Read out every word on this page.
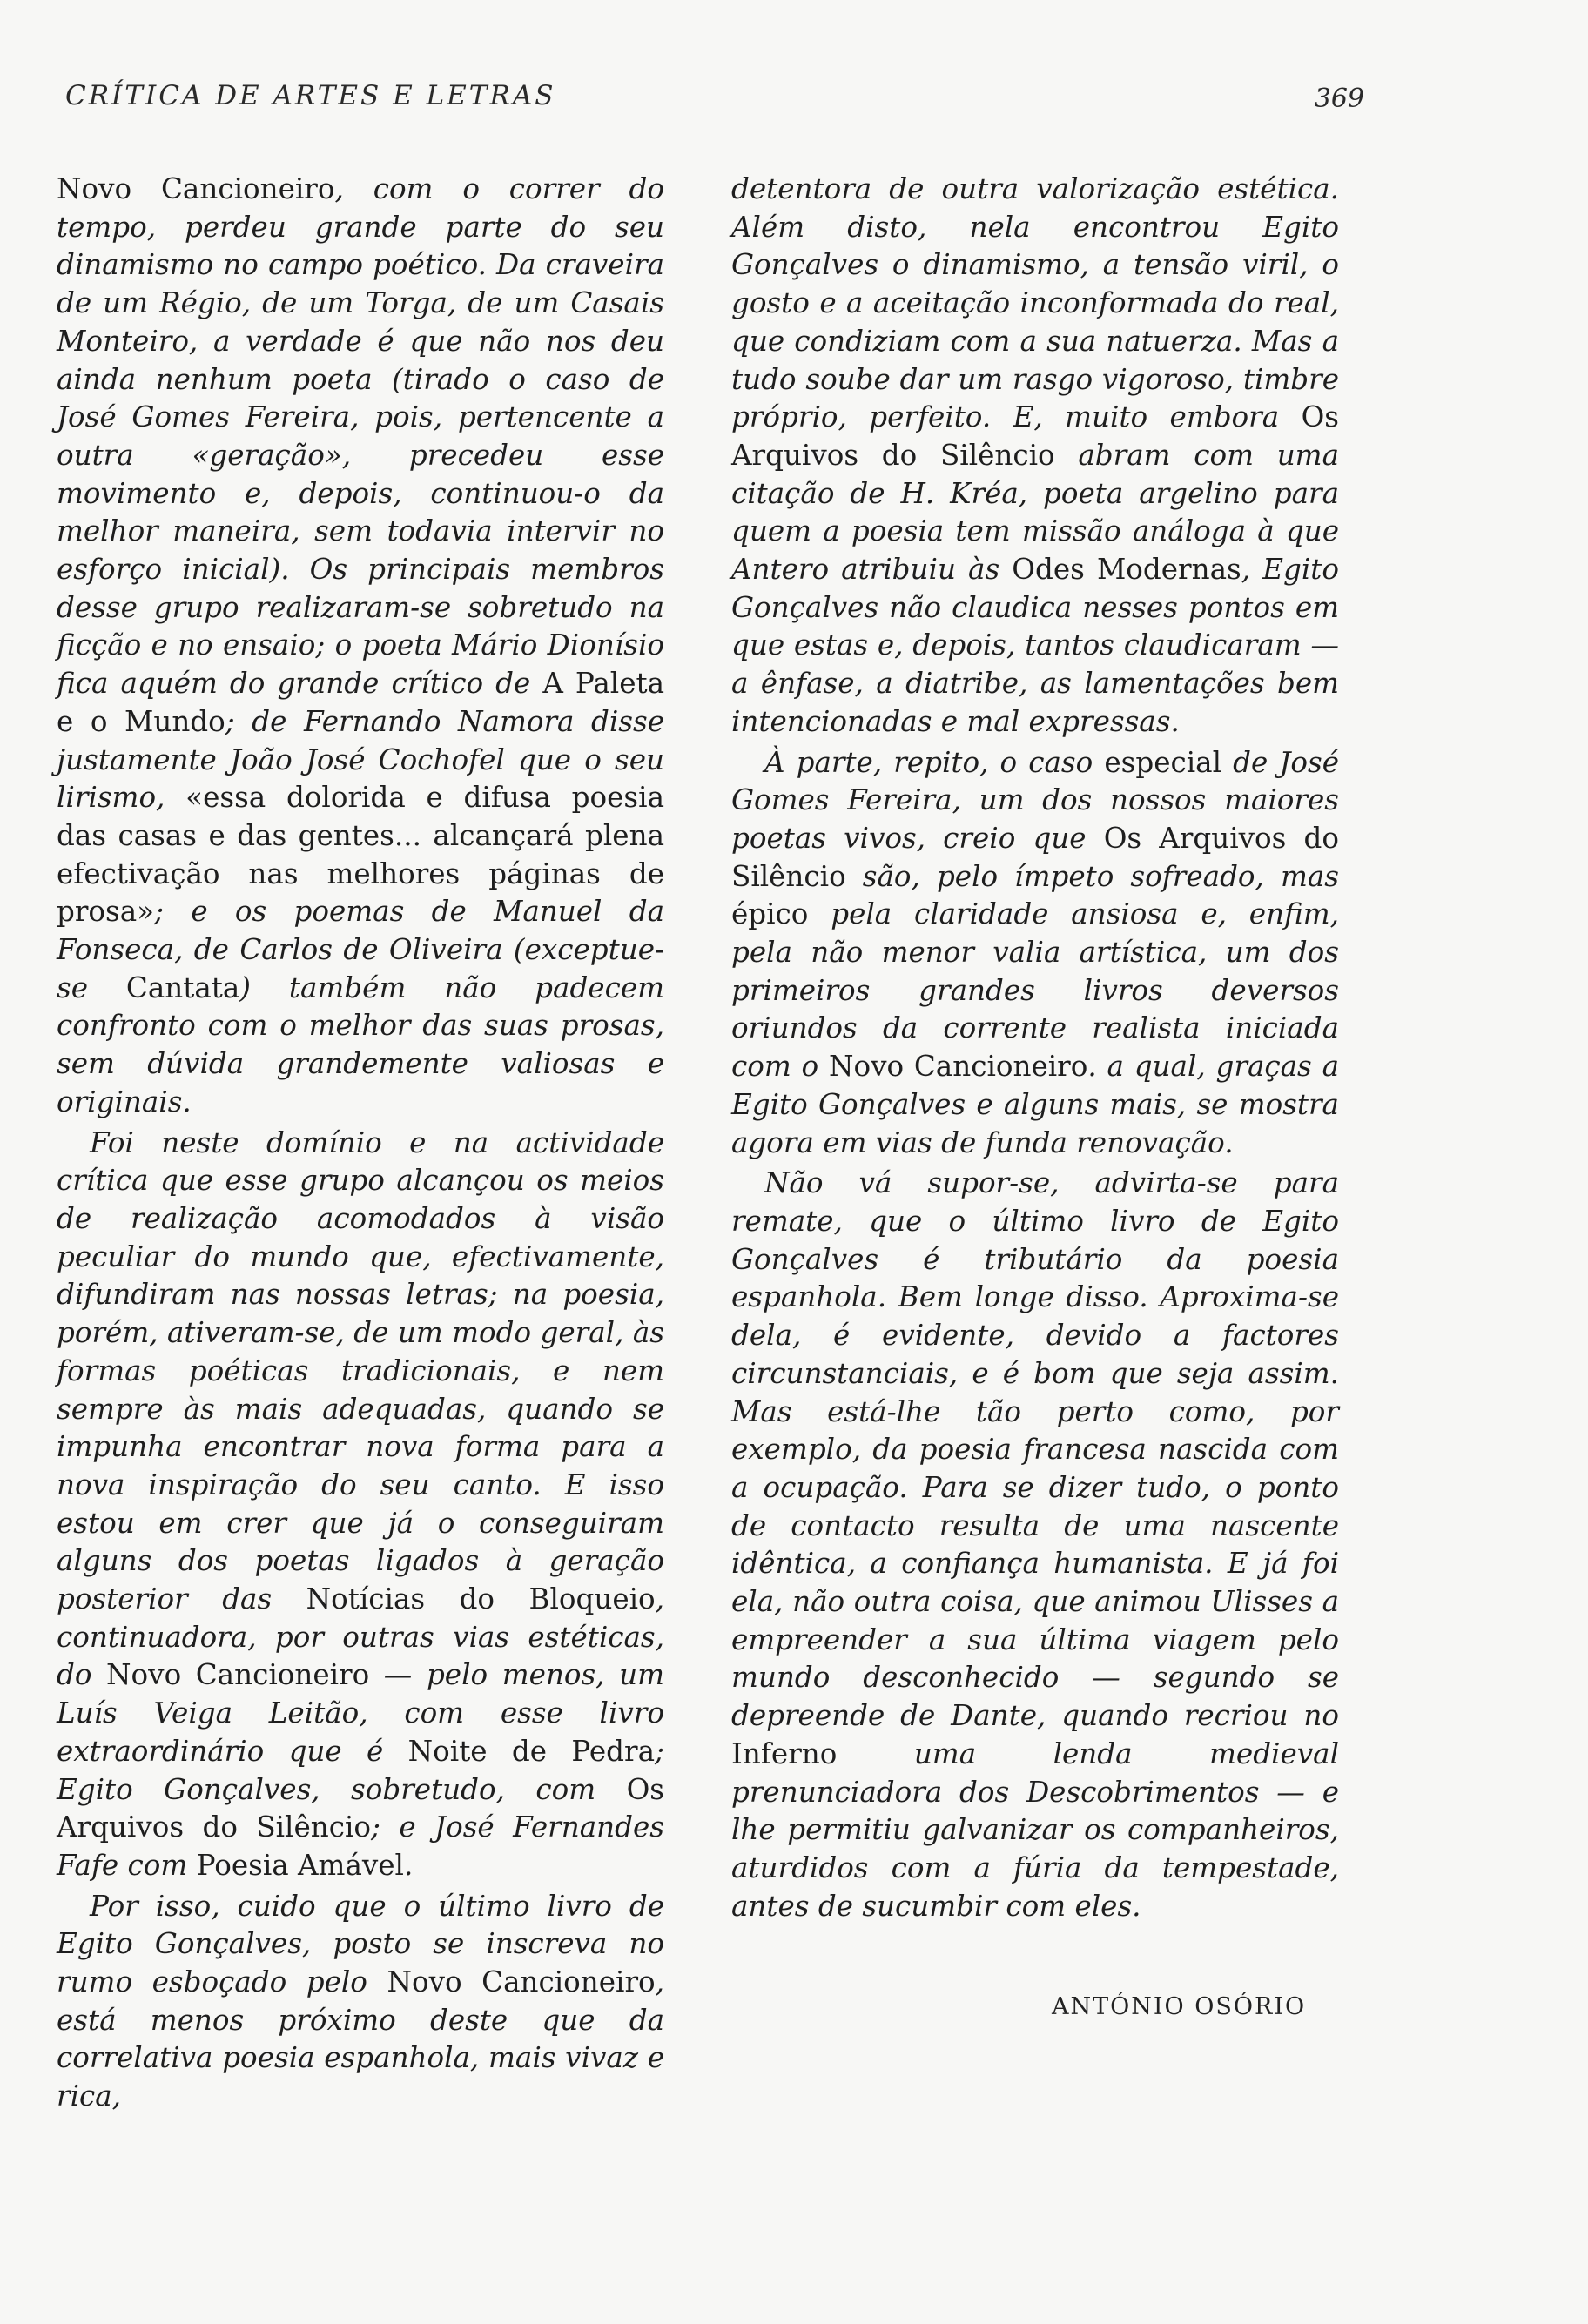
CRÍTICA DE ARTES E LETRAS	369

Novo Cancioneiro, com o correr do tempo, perdeu grande parte do seu dinamismo no campo poético. Da craveira de um Régio, de um Torga, de um Casais Monteiro, a verdade é que não nos deu ainda nenhum poeta (tirado o caso de José Gomes Fereira, pois, pertencente a outra «geração», precedeu esse movimento e, depois, continuou-o da melhor maneira, sem todavia intervir no esforço inicial). Os principais membros desse grupo realizaram-se sobretudo na ficção e no ensaio; o poeta Mário Dionísio fica aquém do grande crítico de A Paleta e o Mundo; de Fernando Namora disse justamente João José Cochofel que o seu lirismo, «essa dolorida e difusa poesia das casas e das gentes... alcançará plena efectivação nas melhores páginas de prosa»; e os poemas de Manuel da Fonseca, de Carlos de Oliveira (exceptue-se Cantata) também não padecem confronto com o melhor das suas prosas, sem dúvida grandemente valiosas e originais.

Foi neste domínio e na actividade crítica que esse grupo alcançou os meios de realização acomodados à visão peculiar do mundo que, efectivamente, difundiram nas nossas letras; na poesia, porém, ativeram-se, de um modo geral, às formas poéticas tradicionais, e nem sempre às mais adequadas, quando se impunha encontrar nova forma para a nova inspiração do seu canto. E isso estou em crer que já o conseguiram alguns dos poetas ligados à geração posterior das Notícias do Bloqueio, continuadora, por outras vias estéticas, do Novo Cancioneiro — pelo menos, um Luís Veiga Leitão, com esse livro extraordinário que é Noite de Pedra; Egito Gonçalves, sobretudo, com Os Arquivos do Silêncio; e José Fernandes Fafe com Poesia Amável.

Por isso, cuido que o último livro de Egito Gonçalves, posto se inscreva no rumo esboçado pelo Novo Cancioneiro, está menos próximo deste que da correlativa poesia espanhola, mais vivaz e rica,

detentora de outra valorização estética. Além disto, nela encontrou Egito Gonçalves o dinamismo, a tensão viril, o gosto e a aceitação inconformada do real, que condiziam com a sua natuerza. Mas a tudo soube dar um rasgo vigoroso, timbre próprio, perfeito. E, muito embora Os Arquivos do Silêncio abram com uma citação de H. Kréa, poeta argelino para quem a poesia tem missão análoga à que Antero atribuiu às Odes Modernas, Egito Gonçalves não claudica nesses pontos em que estas e, depois, tantos claudicaram — a ênfase, a diatribe, as lamentações bem intencionadas e mal expressas.

À parte, repito, o caso especial de José Gomes Fereira, um dos nossos maiores poetas vivos, creio que Os Arquivos do Silêncio são, pelo ímpeto sofreado, mas épico pela claridade ansiosa e, enfim, pela não menor valia artística, um dos primeiros grandes livros deversos oriundos da corrente realista iniciada com o Novo Cancioneiro. a qual, graças a Egito Gonçalves e alguns mais, se mostra agora em vias de funda renovação.

Não vá supor-se, advirta-se para remate, que o último livro de Egito Gonçalves é tributário da poesia espanhola. Bem longe disso. Aproxima-se dela, é evidente, devido a factores circunstanciais, e é bom que seja assim. Mas está-lhe tão perto como, por exemplo, da poesia francesa nascida com a ocupação. Para se dizer tudo, o ponto de contacto resulta de uma nascente idêntica, a confiança humanista. E já foi ela, não outra coisa, que animou Ulisses a empreender a sua última viagem pelo mundo desconhecido — segundo se depreende de Dante, quando recriou no Inferno uma lenda medieval prenunciadora dos Descobrimentos — e lhe permitiu galvanizar os companheiros, aturdidos com a fúria da tempestade, antes de sucumbir com eles.

ANTÓNIO OSÓRIO
